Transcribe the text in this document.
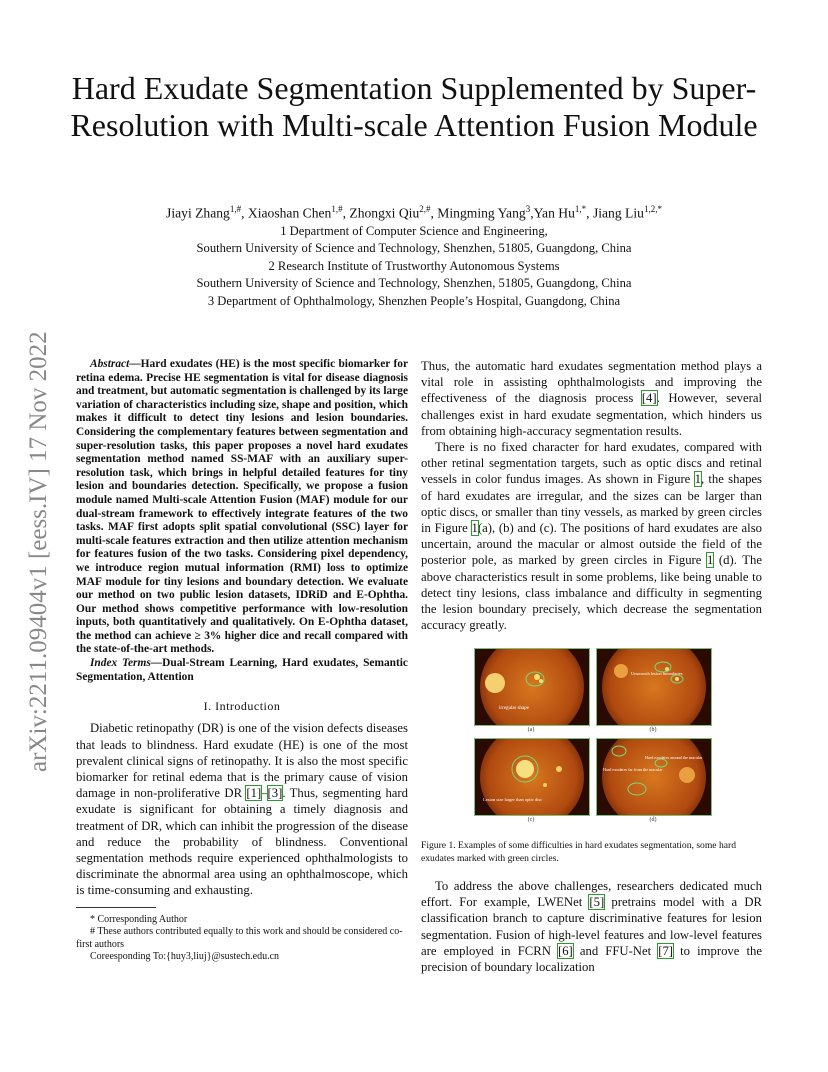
arXiv:2211.09404v1 [eess.IV] 17 Nov 2022
Hard Exudate Segmentation Supplemented by Super-Resolution with Multi-scale Attention Fusion Module
Jiayi Zhang$^{1,\#}$, Xiaoshan Chen$^{1,\#}$, Zhongxi Qiu$^{2,\#}$, Mingming Yang$^3$,Yan $Hu^{1,*}$, Jiang Liu$^{1,2,*}$
1 Department of Computer Science and Engineering,
Southern University of Science and Technology, Shenzhen, 51805, Guangdong, China
2 Research Institute of Trustworthy Autonomous Systems
Southern University of Science and Technology, Shenzhen, 51805, Guangdong, China
3 Department of Ophthalmology, Shenzhen People’s Hospital, Guangdong, China

Abstract—Hard exudates (HE) is the most specific biomarker for retina edema. Precise HE segmentation is vital for disease diagnosis and treatment, but automatic segmentation is challenged by its large variation of characteristics including size, shape and position, which makes it difficult to detect tiny lesions and lesion boundaries. Considering the complementary features between segmentation and super-resolution tasks, this paper proposes a novel hard exudates segmentation method named SS-MAF with an auxiliary super-resolution task, which brings in helpful detailed features for tiny lesion and boundaries detection. Specifically, we propose a fusion module named Multi-scale Attention Fusion (MAF) module for our dual-stream framework to effectively integrate features of the two tasks. MAF first adopts split spatial convolutional (SSC) layer for multi-scale features extraction and then utilize attention mechanism for features fusion of the two tasks. Considering pixel dependency, we introduce region mutual information (RMI) loss to optimize MAF module for tiny lesions and boundary detection. We evaluate our method on two public lesion datasets, IDRiD and E-Ophtha. Our method shows competitive performance with low-resolution inputs, both quantitatively and qualitatively. On E-Ophtha dataset, the method can achieve ≥ 3% higher dice and recall compared with the state-of-the-art methods.

Index Terms—Dual-Stream Learning, Hard exudates, Semantic Segmentation, Attention

I. Introduction

Diabetic retinopathy (DR) is one of the vision defects diseases that leads to blindness. Hard exudate (HE) is one of the most prevalent clinical signs of retinopathy. It is also the most specific biomarker for retinal edema that is the primary cause of vision damage in non-proliferative DR [1]–[3]. Thus, segmenting hard exudate is significant for obtaining a timely diagnosis and treatment of DR, which can inhibit the progression of the disease and reduce the probability of blindness. Conventional segmentation methods require experienced ophthalmologists to discriminate the abnormal area using an ophthalmoscope, which is time-consuming and exhausting.

* Corresponding Author
# These authors contributed equally to this work and should be considered co-first authors
Coreesponding To:{huy3,liuj}@sustech.edu.cn

Thus, the automatic hard exudates segmentation method plays a vital role in assisting ophthalmologists and improving the effectiveness of the diagnosis process [4]. However, several challenges exist in hard exudate segmentation, which hinders us from obtaining high-accuracy segmentation results.

There is no fixed character for hard exudates, compared with other retinal segmentation targets, such as optic discs and retinal vessels in color fundus images. As shown in Figure 1, the shapes of hard exudates are irregular, and the sizes can be larger than optic discs, or smaller than tiny vessels, as marked by green circles in Figure 1(a), (b) and (c). The positions of hard exudates are also uncertain, around the macular or almost outside the field of the posterior pole, as marked by green circles in Figure 1 (d). The above characteristics result in some problems, like being unable to detect tiny lesions, class imbalance and difficulty in segmenting the lesion boundary precisely, which decrease the segmentation accuracy greatly.

irregular shape
Unsmooth lesion boundaries
(a)	(b)
Lesion size larger than optic disc
Hard exudates far from the macular
Hard exudates around the macular
(c)	(d)
Figure 1. Examples of some difficulties in hard exudates segmentation, some hard exudates marked with green circles.

To address the above challenges, researchers dedicated much effort. For example, LWENet [5] pretrains model with a DR classification branch to capture discriminative features for lesion segmentation. Fusion of high-level features and low-level features are employed in FCRN [6] and FFU-Net [7] to improve the precision of boundary localization
